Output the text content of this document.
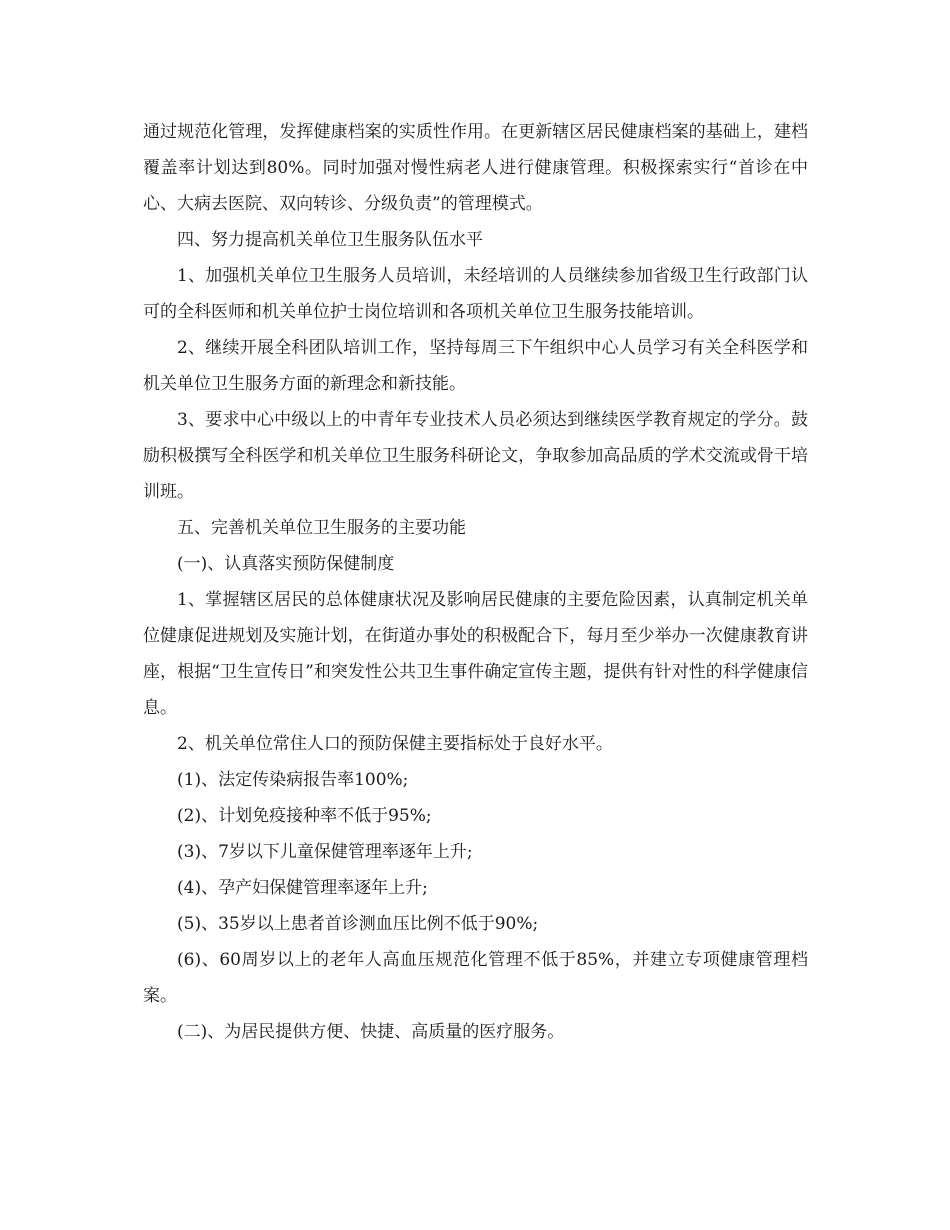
通过规范化管理，发挥健康档案的实质性作用。在更新辖区居民健康档案的基础上，建档覆盖率计划达到80%。同时加强对慢性病老人进行健康管理。积极探索实行“首诊在中心、大病去医院、双向转诊、分级负责”的管理模式。

四、努力提高机关单位卫生服务队伍水平

1、加强机关单位卫生服务人员培训，未经培训的人员继续参加省级卫生行政部门认可的全科医师和机关单位护士岗位培训和各项机关单位卫生服务技能培训。

2、继续开展全科团队培训工作，坚持每周三下午组织中心人员学习有关全科医学和机关单位卫生服务方面的新理念和新技能。

3、要求中心中级以上的中青年专业技术人员必须达到继续医学教育规定的学分。鼓励积极撰写全科医学和机关单位卫生服务科研论文，争取参加高品质的学术交流或骨干培训班。

五、完善机关单位卫生服务的主要功能

(一)、认真落实预防保健制度

1、掌握辖区居民的总体健康状况及影响居民健康的主要危险因素，认真制定机关单位健康促进规划及实施计划，在街道办事处的积极配合下，每月至少举办一次健康教育讲座，根据“卫生宣传日”和突发性公共卫生事件确定宣传主题，提供有针对性的科学健康信息。

2、机关单位常住人口的预防保健主要指标处于良好水平。

(1)、法定传染病报告率100%;

(2)、计划免疫接种率不低于95%;

(3)、7岁以下儿童保健管理率逐年上升;

(4)、孕产妇保健管理率逐年上升;

(5)、35岁以上患者首诊测血压比例不低于90%;

(6)、60周岁以上的老年人高血压规范化管理不低于85%，并建立专项健康管理档案。

(二)、为居民提供方便、快捷、高质量的医疗服务。
